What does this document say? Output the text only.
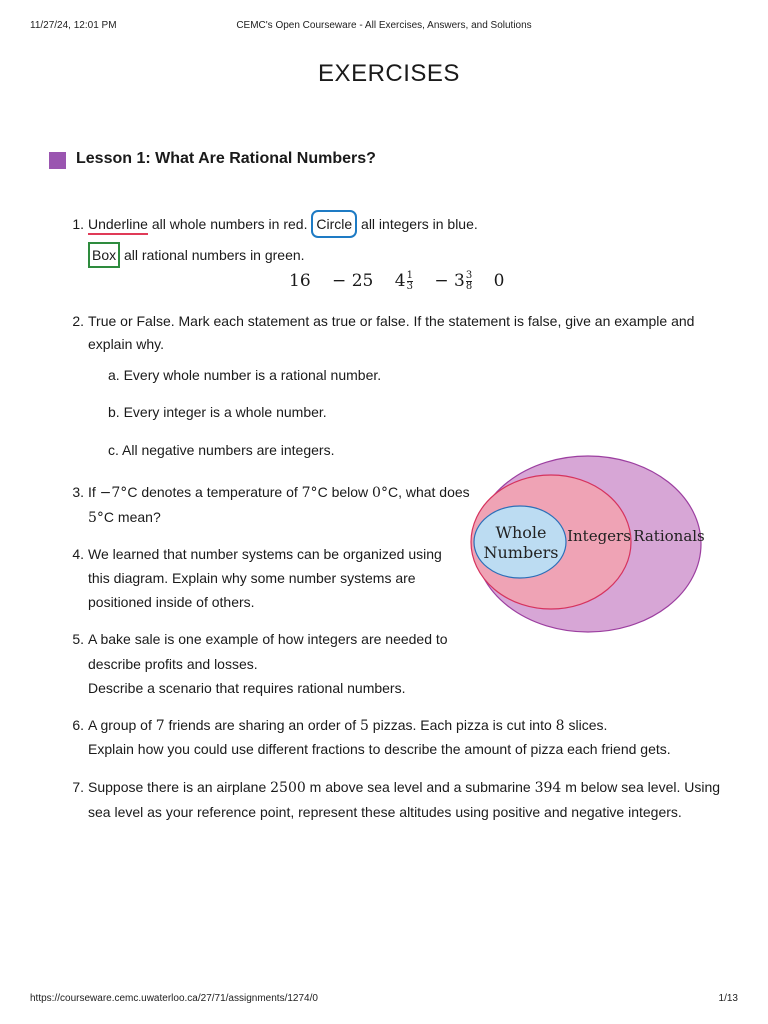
11/27/24, 12:01 PM	CEMC's Open Courseware - All Exercises, Answers, and Solutions
EXERCISES
Lesson 1: What Are Rational Numbers?
1. Underline all whole numbers in red. Circle all integers in blue.
Box all rational numbers in green.
16 − 25 $4 \frac{1}{3} - 3 \frac{3}{8} 0$
2. True or False. Mark each statement as true or false. If the statement is false, give an example and
explain why.
a. Every whole number is a rational number.
b. Every integer is a whole number.
c. All negative numbers are integers.
3. If −7°C denotes a temperature of 7°C below 0°C, what does
5°C mean?
4. We learned that number systems can be organized using
this diagram. Explain why some number systems are
positioned inside of others.
5. A bake sale is one example of how integers are needed to
describe profits and losses.
Describe a scenario that requires rational numbers.
6. A group of 7 friends are sharing an order of 5 pizzas. Each pizza is cut into 8 slices.
Explain how you could use different fractions to describe the amount of pizza each friend gets.
7. Suppose there is an airplane 2500 m above sea level and a submarine 394 m below sea level. Using
sea level as your reference point, represent these altitudes using positive and negative integers.
Whole
Numbers
Integers Rationals
https://courseware.cemc.uwaterloo.ca/27/71/assignments/1274/0	1/13
